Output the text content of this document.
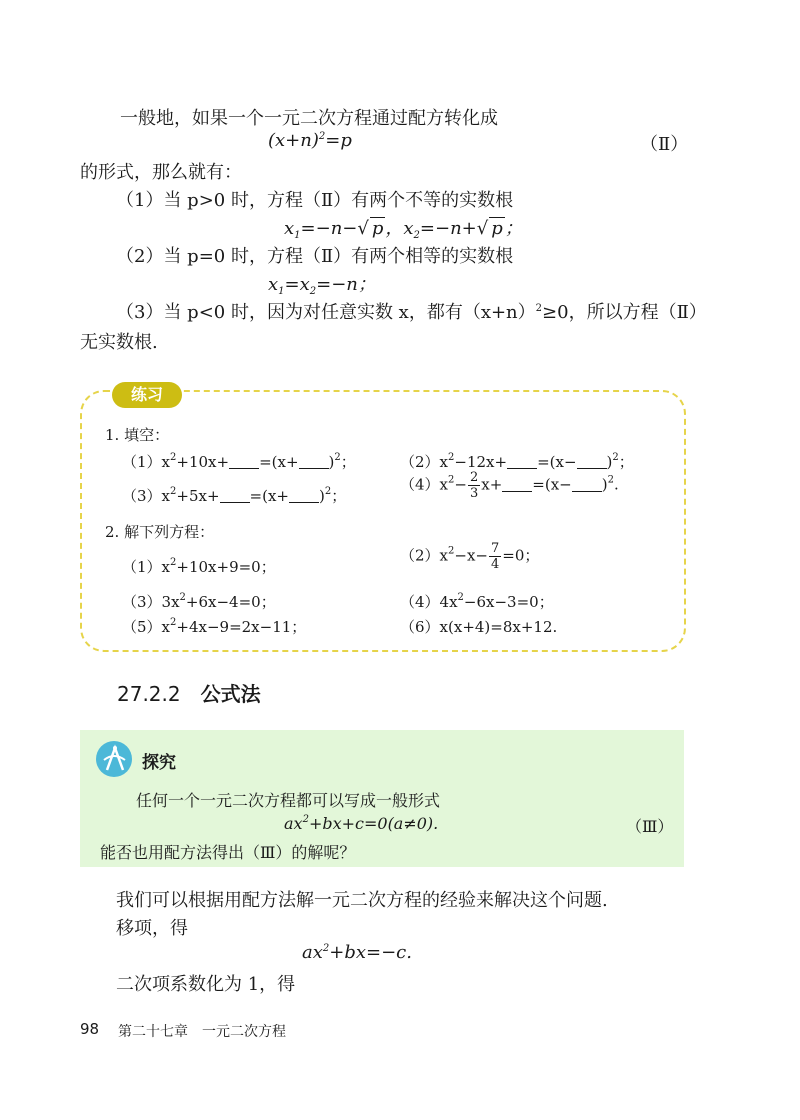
一般地，如果一个一元二次方程通过配方转化成
$(x+n)^2=p$	（Ⅱ）
的形式，那么就有：
（1）当 p>0 时，方程（Ⅱ）有两个不等的实数根
$x_1=-n-√$ p ，$x_2=-n+√$ p ；
（2）当 p=0 时，方程（Ⅱ）有两个相等的实数根
$x_1=x_2=-n$；
（3）当 p<0 时，因为对任意实数 x，都有$(x+n)^2\ge 0$，所以方程（Ⅱ）
无实数根.
练习
1. 填空：
$(1)x^2+10x+ =(x+ )^2$；	$(2)x^2-12x+ =(x- )^2$；
$(3)x^2+5x+ =(x+ )^2$；
$(4)x^2- \frac{2}{3} x+ =(x- )^2$.
2. 解下列方程：
$(1)x^2+10x+9=0$；
$(2)x^2-x- \frac{7}{4} =0$；
$(3)3x^2+6x-4=0$；	$(4)4x^2-6x-3=0$；
$(5)x^2+4x-9=2x-11$；	（6）x(x+4)=8x+12.
27.2.2 公式法
探究
任何一个一元二次方程都可以写成一般形式
$ax^2+bx+c=0(a\ne 0)$.	（Ⅲ）
能否也用配方法得出（Ⅲ）的解呢？
我们可以根据用配方法解一元二次方程的经验来解决这个问题.
移项，得
$ax^2+bx=-c$.
二次项系数化为 1，得
98 第二十七章　一元二次方程
